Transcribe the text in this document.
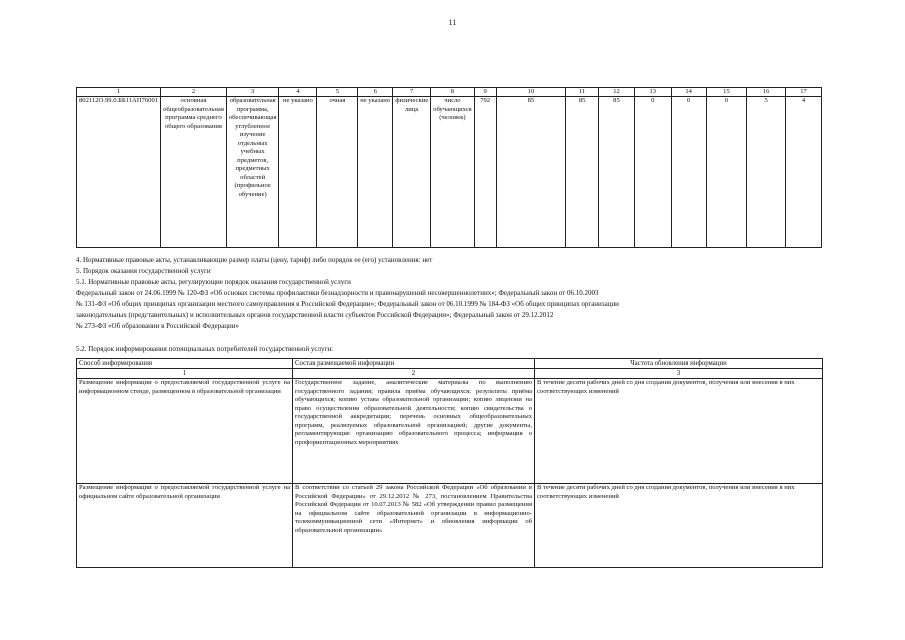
11
1	2	3	4	5	6	7	8	9	10	11	12	13	14	15	16	17
802112О.99.0.ББ11АП76001	основная общеобразовательная программа среднего общего образования	образовательная программа, обеспечивающая углубленное изучение отдельных учебных предметов, предметных областей (профильное обучение)	не указано	очная	не указано	физические лица	число обучающихся (человек)	792	85	85	85	0	0	0	5	4
4. Нормативные правовые акты, устанавливающие размер платы (цену, тариф) либо порядок ее (его) установления: нет
5. Порядок оказания государственной услуги
5.1. Нормативные правовые акты, регулирующие порядок оказания государственной услуги
Федеральный закон от 24.06.1999 № 120-ФЗ «Об основах системы профилактики безнадзорности и правонарушений несовершеннолетних»; Федеральный закон от 06.10.2003
№ 131-ФЗ «Об общих принципах организации местного самоуправления в Российской Федерации»; Федеральный закон от 06.10.1999 № 184-ФЗ «Об общих принципах организации
законодательных (представительных) и исполнительных органов государственной власти субъектов Российской Федерации»; Федеральный закон от 29.12.2012
№ 273-ФЗ «Об образовании в Российской Федерации»
5.2. Порядок информирования потенциальных потребителей государственной услуги:
Способ информирования	Состав размещаемой информации	Частота обновления информации
1	2	3
Размещение информации о предоставляемой государственной услуге на информационном стенде, размещенном в образовательной организации	Государственное задание, аналитические материалы по выполнению государственного задания; правила приёма обучающихся; результаты приёма обучающихся; копию устава образовательной организации; копию лицензии на право осуществления образовательной деятельности; копию свидетельства о государственной аккредитации; перечень основных общеобразовательных программ, реализуемых образовательной организацией; другие документы, регламентирующие организацию образовательного процесса; информация о профориентационных мероприятиях	В течение десяти рабочих дней со дня создания документов, получения или внесения в них соответствующих изменений
Размещение информации о предоставляемой государственной услуге на официальном сайте образовательной организации	В соответствии со статьей 29 закона Российской Федерации «Об образовании в Российской Федерации» от 29.12.2012 № 273, постановлением Правительства Российской Федерации от 10.07.2013 № 582 «Об утверждении правил размещения на официальном сайте образовательной организации в информационно-телекоммуникационной сети «Интернет» и обновления информации об образовательной организации»	В течение десяти рабочих дней со дня создания документов, получения или внесения в них соответствующих изменений
